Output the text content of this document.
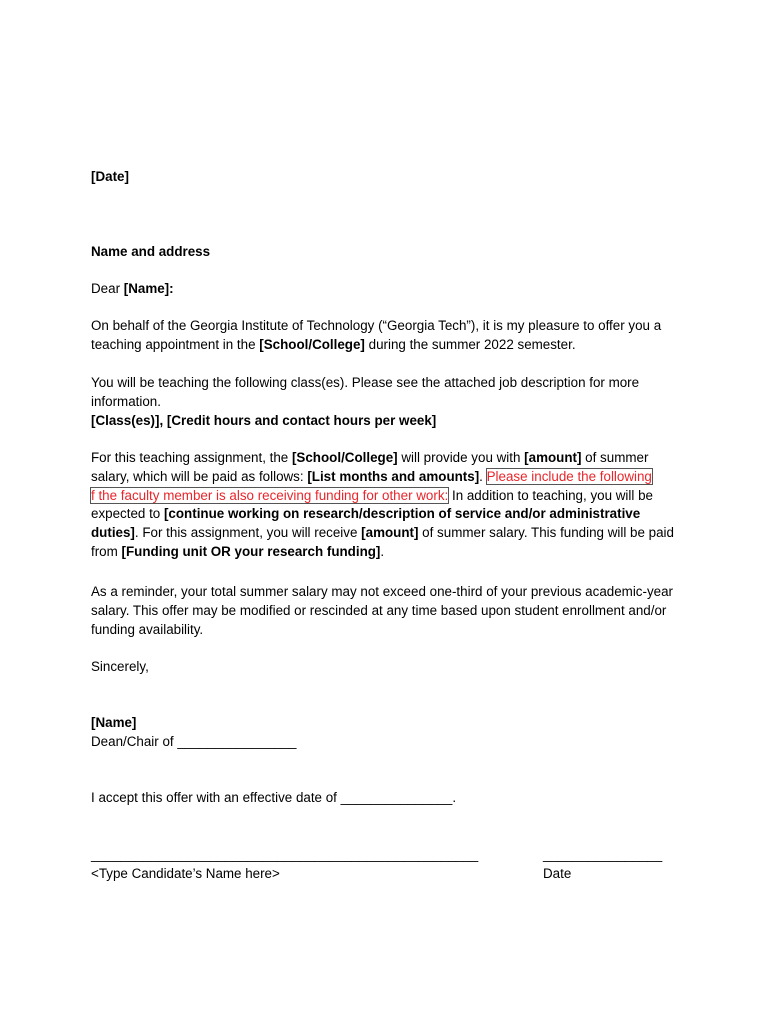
[Date]

Name and address

Dear [Name]:

On behalf of the Georgia Institute of Technology (“Georgia Tech”), it is my pleasure to offer you a teaching appointment in the [School/College] during the summer 2022 semester.

You will be teaching the following class(es). Please see the attached job description for more information.
[Class(es)], [Credit hours and contact hours per week]

For this teaching assignment, the [School/College] will provide you with [amount] of summer salary, which will be paid as follows: [List months and amounts]. Please include the following
f the faculty member is also receiving funding for other work: In addition to teaching, you will be expected to [continue working on research/description of service and/or administrative duties]. For this assignment, you will receive [amount] of summer salary. This funding will be paid from [Funding unit OR your research funding].

As a reminder, your total summer salary may not exceed one-third of your previous academic-year salary. This offer may be modified or rescinded at any time based upon student enrollment and/or funding availability.

Sincerely,

[Name]

Dean/Chair of ________________

I accept this offer with an effective date of _______________.

____________________________________________________
<Type Candidate’s Name here>
________________
Date
